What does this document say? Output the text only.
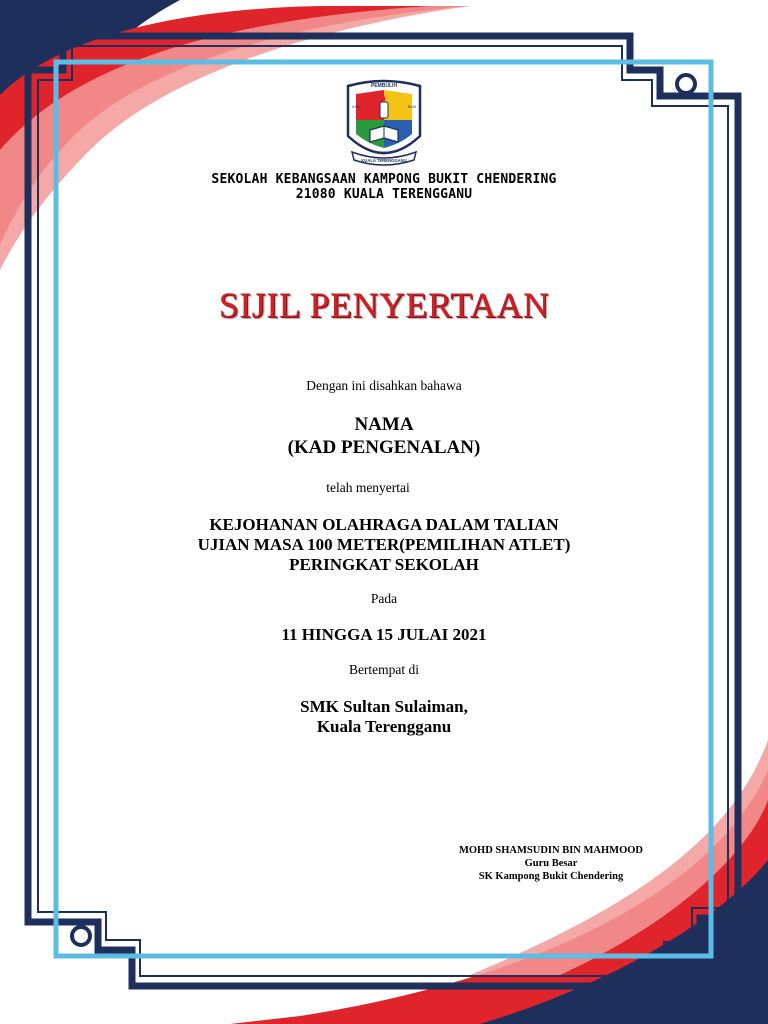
PEMBULIH
ILMU	BUDI
KUALA TERENGGANU
SEKOLAH KEBANGSAAN KAMPONG BUKIT CHENDERING
21080 KUALA TERENGGANU
SIJIL PENYERTAAN
Dengan ini disahkan bahawa
NAMA
(KAD PENGENALAN)
telah menyertai
KEJOHANAN OLAHRAGA DALAM TALIAN
UJIAN MASA 100 METER(PEMILIHAN ATLET)
PERINGKAT SEKOLAH
Pada
11 HINGGA 15 JULAI 2021
Bertempat di
SMK Sultan Sulaiman,
Kuala Terengganu
MOHD SHAMSUDIN BIN MAHMOOD
Guru Besar
SK Kampong Bukit Chendering
